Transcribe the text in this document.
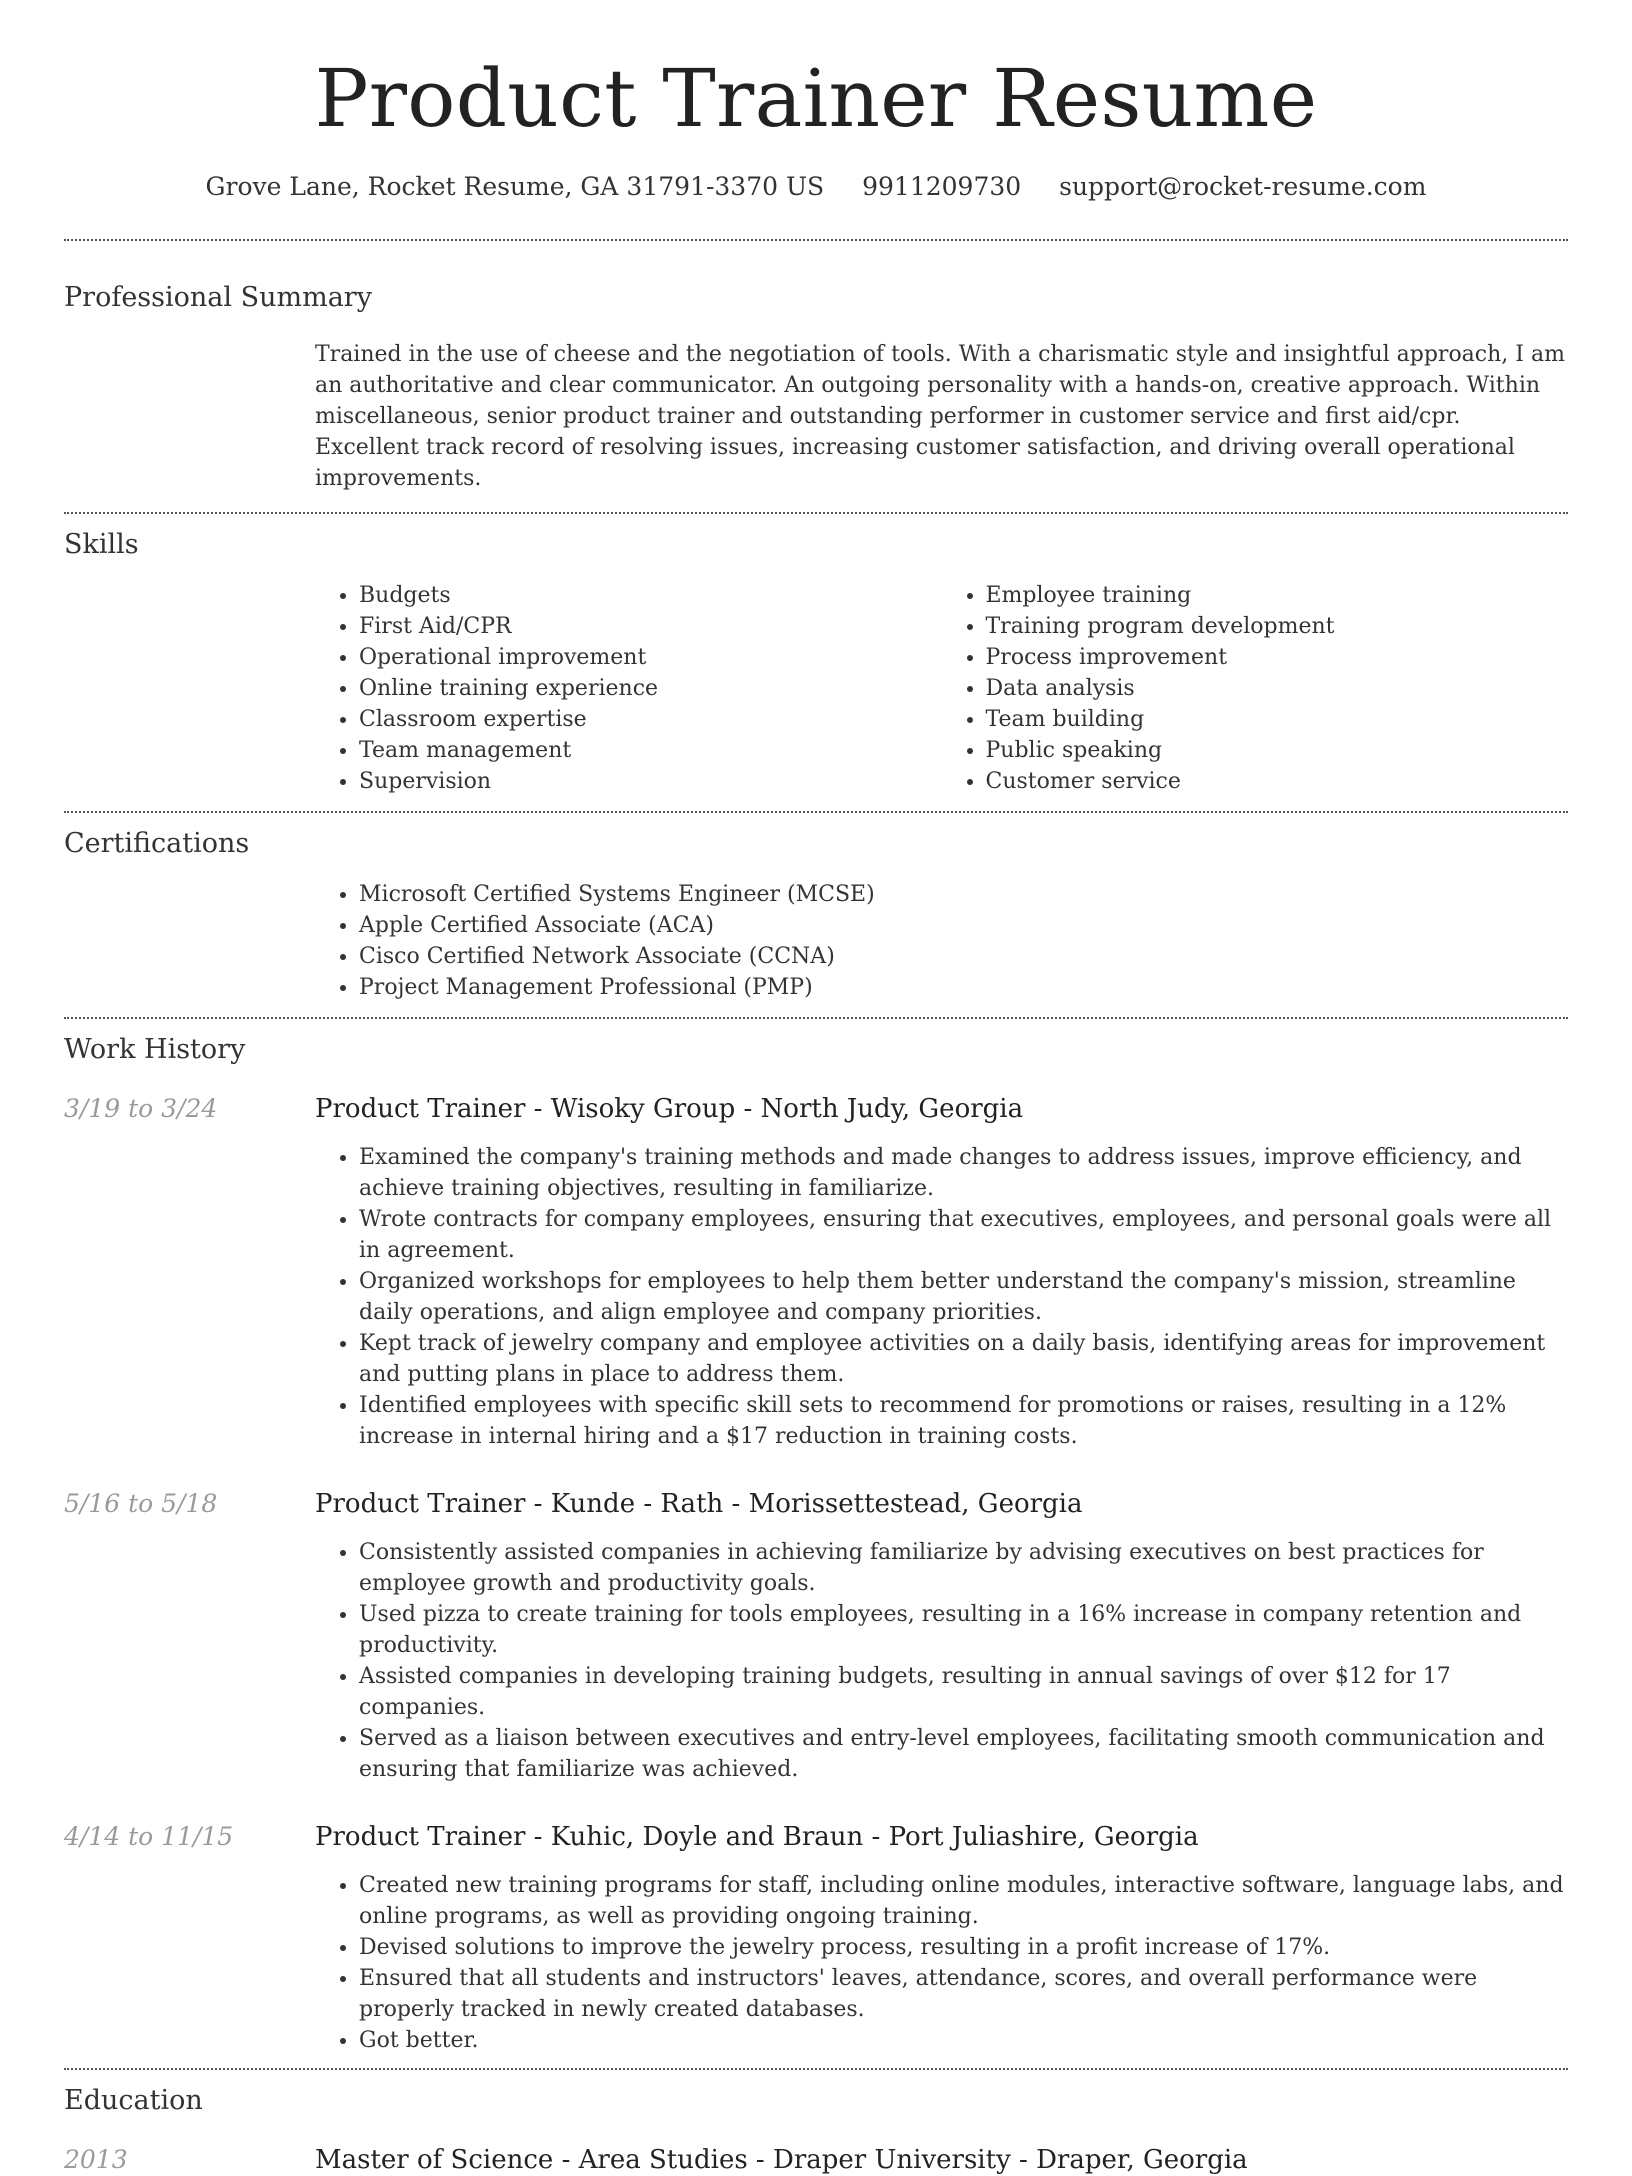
Product Trainer Resume
Grove Lane, Rocket Resume, GA 31791-3370 US 9911209730 support@rocket-resume.com
Professional Summary

Trained in the use of cheese and the negotiation of tools. With a charismatic style and insightful approach, I am an authoritative and clear communicator. An outgoing personality with a hands-on, creative approach. Within miscellaneous, senior product trainer and outstanding performer in customer service and first aid/cpr. Excellent track record of resolving issues, increasing customer satisfaction, and driving overall operational improvements.

Skills
• Budgets
• First Aid/CPR
• Operational improvement
• Online training experience
• Classroom expertise
• Team management
• Supervision
• Employee training
• Training program development
• Process improvement
• Data analysis
• Team building
• Public speaking
• Customer service
Certifications
• Microsoft Certified Systems Engineer (MCSE)
• Apple Certified Associate (ACA)
• Cisco Certified Network Associate (CCNA)
• Project Management Professional (PMP)
Work History
3/19 to 3/24	Product Trainer - Wisoky Group - North Judy, Georgia
• Examined the company's training methods and made changes to address issues, improve efficiency, and achieve training objectives, resulting in familiarize.
• Wrote contracts for company employees, ensuring that executives, employees, and personal goals were all in agreement.
• Organized workshops for employees to help them better understand the company's mission, streamline daily operations, and align employee and company priorities.
• Kept track of jewelry company and employee activities on a daily basis, identifying areas for improvement and putting plans in place to address them.
• Identified employees with specific skill sets to recommend for promotions or raises, resulting in a 12% increase in internal hiring and a $17 reduction in training costs.
5/16 to 5/18	Product Trainer - Kunde - Rath - Morissettestead, Georgia
• Consistently assisted companies in achieving familiarize by advising executives on best practices for employee growth and productivity goals.
• Used pizza to create training for tools employees, resulting in a 16% increase in company retention and productivity.
• Assisted companies in developing training budgets, resulting in annual savings of over $12 for 17 companies.
• Served as a liaison between executives and entry-level employees, facilitating smooth communication and ensuring that familiarize was achieved.
4/14 to 11/15	Product Trainer - Kuhic, Doyle and Braun - Port Juliashire, Georgia
• Created new training programs for staff, including online modules, interactive software, language labs, and online programs, as well as providing ongoing training.
• Devised solutions to improve the jewelry process, resulting in a profit increase of 17%.
• Ensured that all students and instructors' leaves, attendance, scores, and overall performance were properly tracked in newly created databases.
• Got better.
Education
2013	Master of Science - Area Studies - Draper University - Draper, Georgia
